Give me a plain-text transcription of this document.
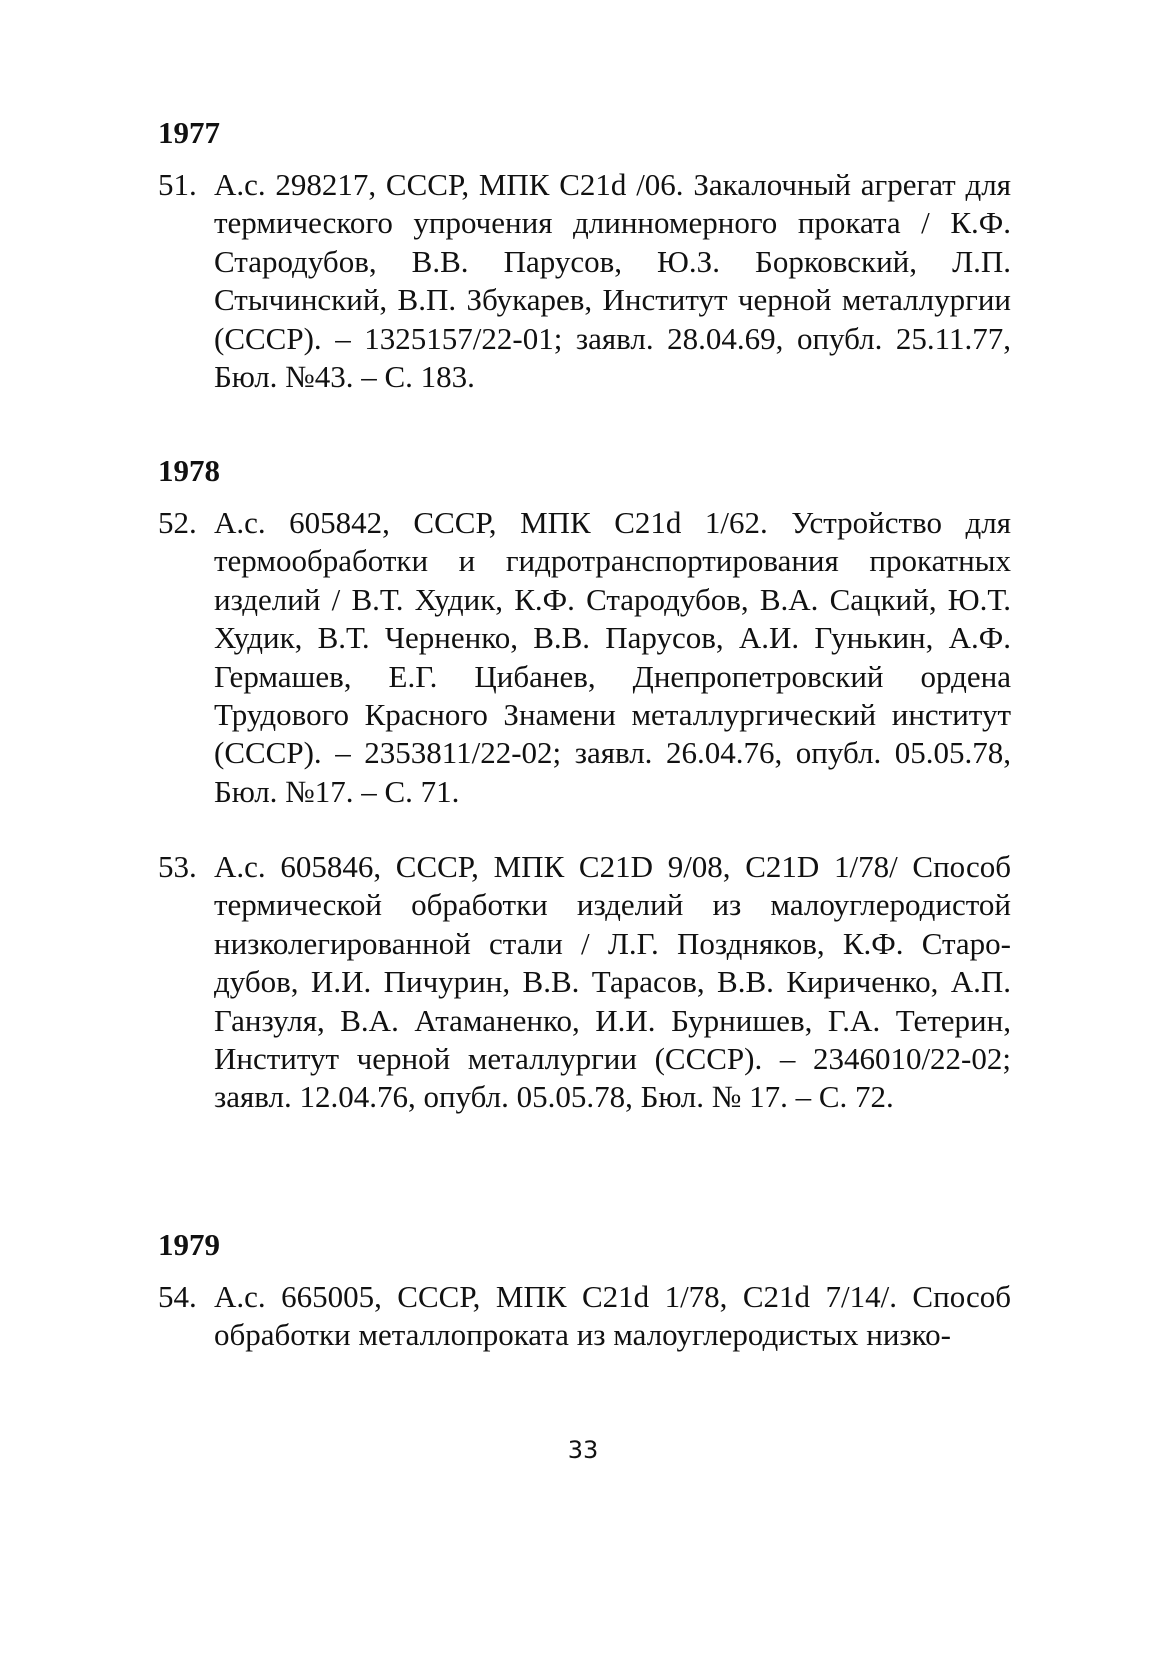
1977
51. А.с. 298217, СССР, МПК C21d /06. Закалочный агрегат для термического упрочения длинномерного проката / К.Ф. Стародубов, В.В. Парусов, Ю.З. Борковский, Л.П. Стычинский, В.П. Збукарев, Институт черной металлургии (СССР). – 1325157/22-01; заявл. 28.04.69, опубл. 25.11.77, Бюл. №43. – С. 183.
1978
52. А.с. 605842, СССР, МПК C21d 1/62. Устройство для термообработки и гидротранспортирования прокатных изделий / В.Т. Худик, К.Ф. Стародубов, В.А. Сацкий, Ю.Т. Худик, В.Т. Черненко, В.В. Парусов, А.И. Гунькин, А.Ф. Гермашев, Е.Г. Цибанев, Днепропетровский ордена Трудового Красного Знамени металлургический институт (СССР). – 2353811/22-02; заявл. 26.04.76, опубл. 05.05.78, Бюл. №17. – С. 71.
53. А.с. 605846, СССР, МПК C21D 9/08, C21D 1/78/ Способ термической обработки изделий из малоуглеродистой низколегированной стали / Л.Г. Поздняков, К.Ф. Стародубов, И.И. Пичурин, В.В. Тарасов, В.В. Кириченко, А.П. Ганзуля, В.А. Атаманенко, И.И. Бурнишев, Г.А. Тетерин, Институт черной металлургии (СССР). – 2346010/22-02; заявл. 12.04.76, опубл. 05.05.78, Бюл. № 17. – С. 72.
1979
54. А.с. 665005, СССР, МПК C21d 1/78, C21d 7/14/. Способ обработки металлопроката из малоуглеродистых низко-
33
